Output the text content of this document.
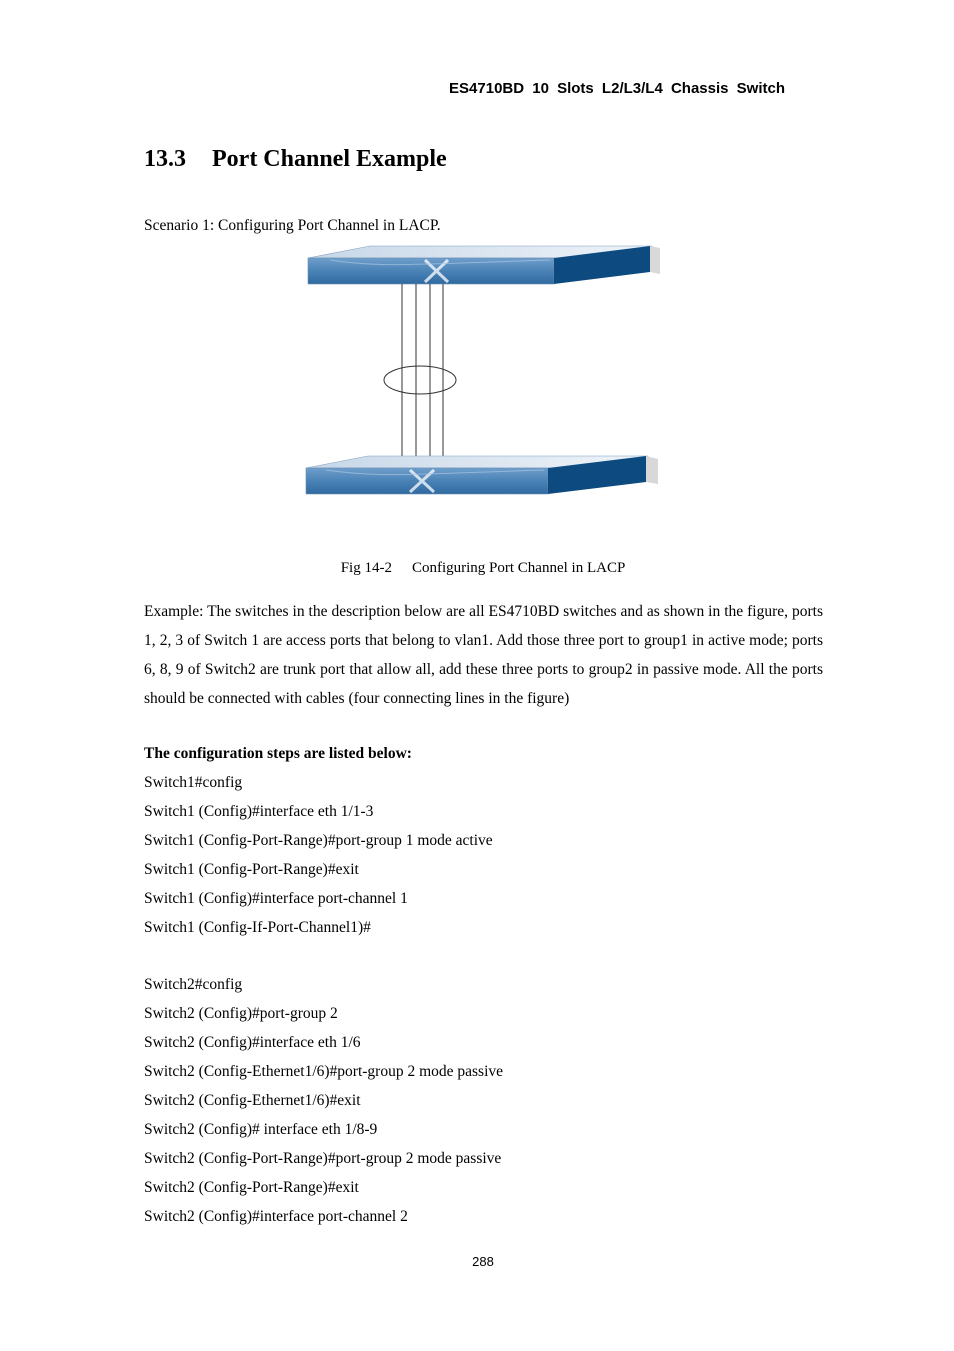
ES4710BD 10 Slots L2/L3/L4 Chassis Switch
13.3 Port Channel Example
Scenario 1: Configuring Port Channel in LACP.
Fig 14-2 Configuring Port Channel in LACP

Example: The switches in the description below are all ES4710BD switches and as shown in the figure, ports 1, 2, 3 of Switch 1 are access ports that belong to vlan1. Add those three port to group1 in active mode; ports 6, 8, 9 of Switch2 are trunk port that allow all, add these three ports to group2 in passive mode. All the ports should be connected with cables (four connecting lines in the figure)

The configuration steps are listed below:
Switch1#config
Switch1 (Config)#interface eth 1/1-3
Switch1 (Config-Port-Range)#port-group 1 mode active
Switch1 (Config-Port-Range)#exit
Switch1 (Config)#interface port-channel 1
Switch1 (Config-If-Port-Channel1)#
Switch2#config
Switch2 (Config)#port-group 2
Switch2 (Config)#interface eth 1/6
Switch2 (Config-Ethernet1/6)#port-group 2 mode passive
Switch2 (Config-Ethernet1/6)#exit
Switch2 (Config)# interface eth 1/8-9
Switch2 (Config-Port-Range)#port-group 2 mode passive
Switch2 (Config-Port-Range)#exit
Switch2 (Config)#interface port-channel 2
288
